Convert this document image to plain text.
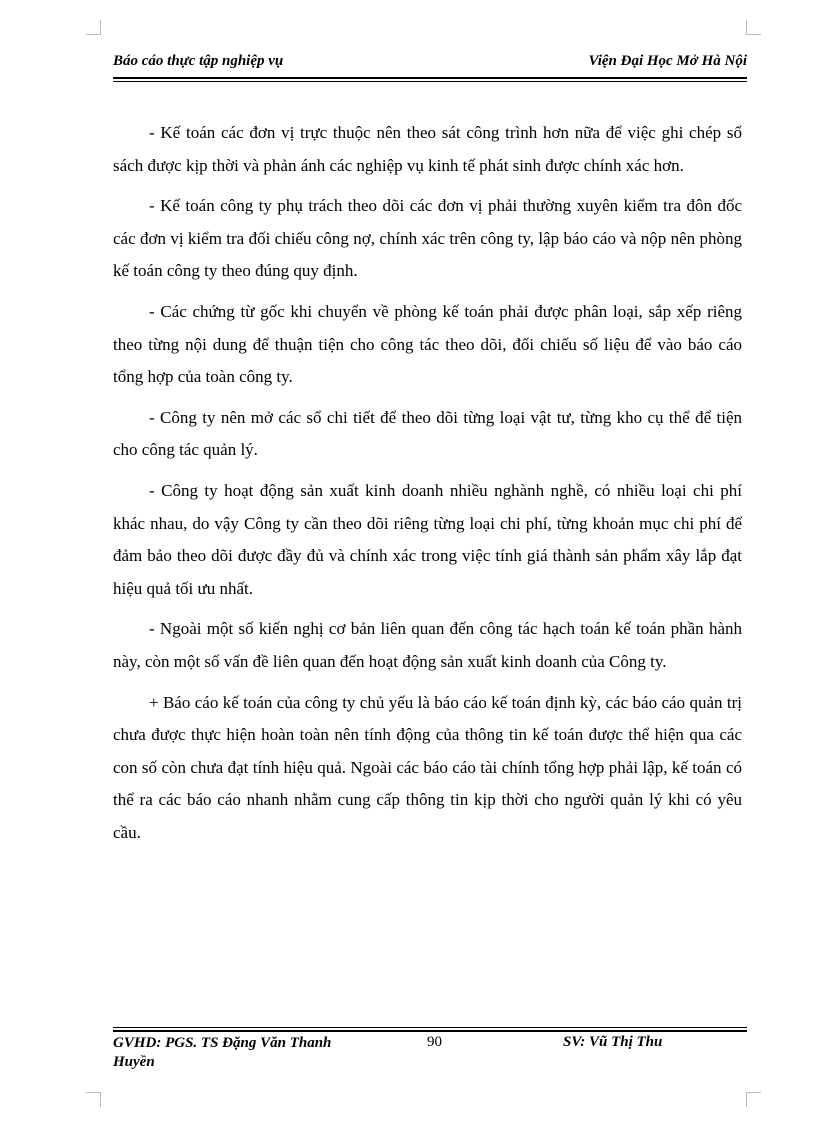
Báo cáo thực tập nghiệp vụ	Viện Đại Học Mở Hà Nội

- Kế toán các đơn vị trực thuộc nên theo sát công trình hơn nữa để việc ghi chép sổ sách được kịp thời và phản ánh các nghiệp vụ kinh tế phát sinh được chính xác hơn.

- Kế toán công ty phụ trách theo dõi các đơn vị phải thường xuyên kiểm tra đôn đốc các đơn vị kiểm tra đối chiếu công nợ, chính xác trên công ty, lập báo cáo và nộp nên phòng kế toán công ty theo đúng quy định.

- Các chứng từ gốc khi chuyển về phòng kế toán phải được phân loại, sắp xếp riêng theo từng nội dung để thuận tiện cho công tác theo dõi, đối chiếu số liệu để vào báo cáo tổng hợp của toàn công ty.

- Công ty nên mở các sổ chi tiết để theo dõi từng loại vật tư, từng kho cụ thể để tiện cho công tác quản lý.

- Công ty hoạt động sản xuất kinh doanh nhiều nghành nghề, có nhiều loại chi phí khác nhau, do vậy Công ty cần theo dõi riêng từng loại chi phí, từng khoản mục chi phí để đảm bảo theo dõi được đầy đủ và chính xác trong việc tính giá thành sản phẩm xây lắp đạt hiệu quả tối ưu nhất.

- Ngoài một số kiến nghị cơ bản liên quan đến công tác hạch toán kế toán phần hành này, còn một số vấn đề liên quan đến hoạt động sản xuất kinh doanh của Công ty.

+ Báo cáo kế toán của công ty chủ yếu là báo cáo kế toán định kỳ, các báo cáo quản trị chưa được thực hiện hoàn toàn nên tính động của thông tin kế toán được thể hiện qua các con số còn chưa đạt tính hiệu quả. Ngoài các báo cáo tài chính tổng hợp phải lập, kế toán có thể ra các báo cáo nhanh nhằm cung cấp thông tin kịp thời cho người quản lý khi có yêu cầu.

GVHD: PGS. TS Đặng Văn Thanh Huyền
90	SV: Vũ Thị Thu
